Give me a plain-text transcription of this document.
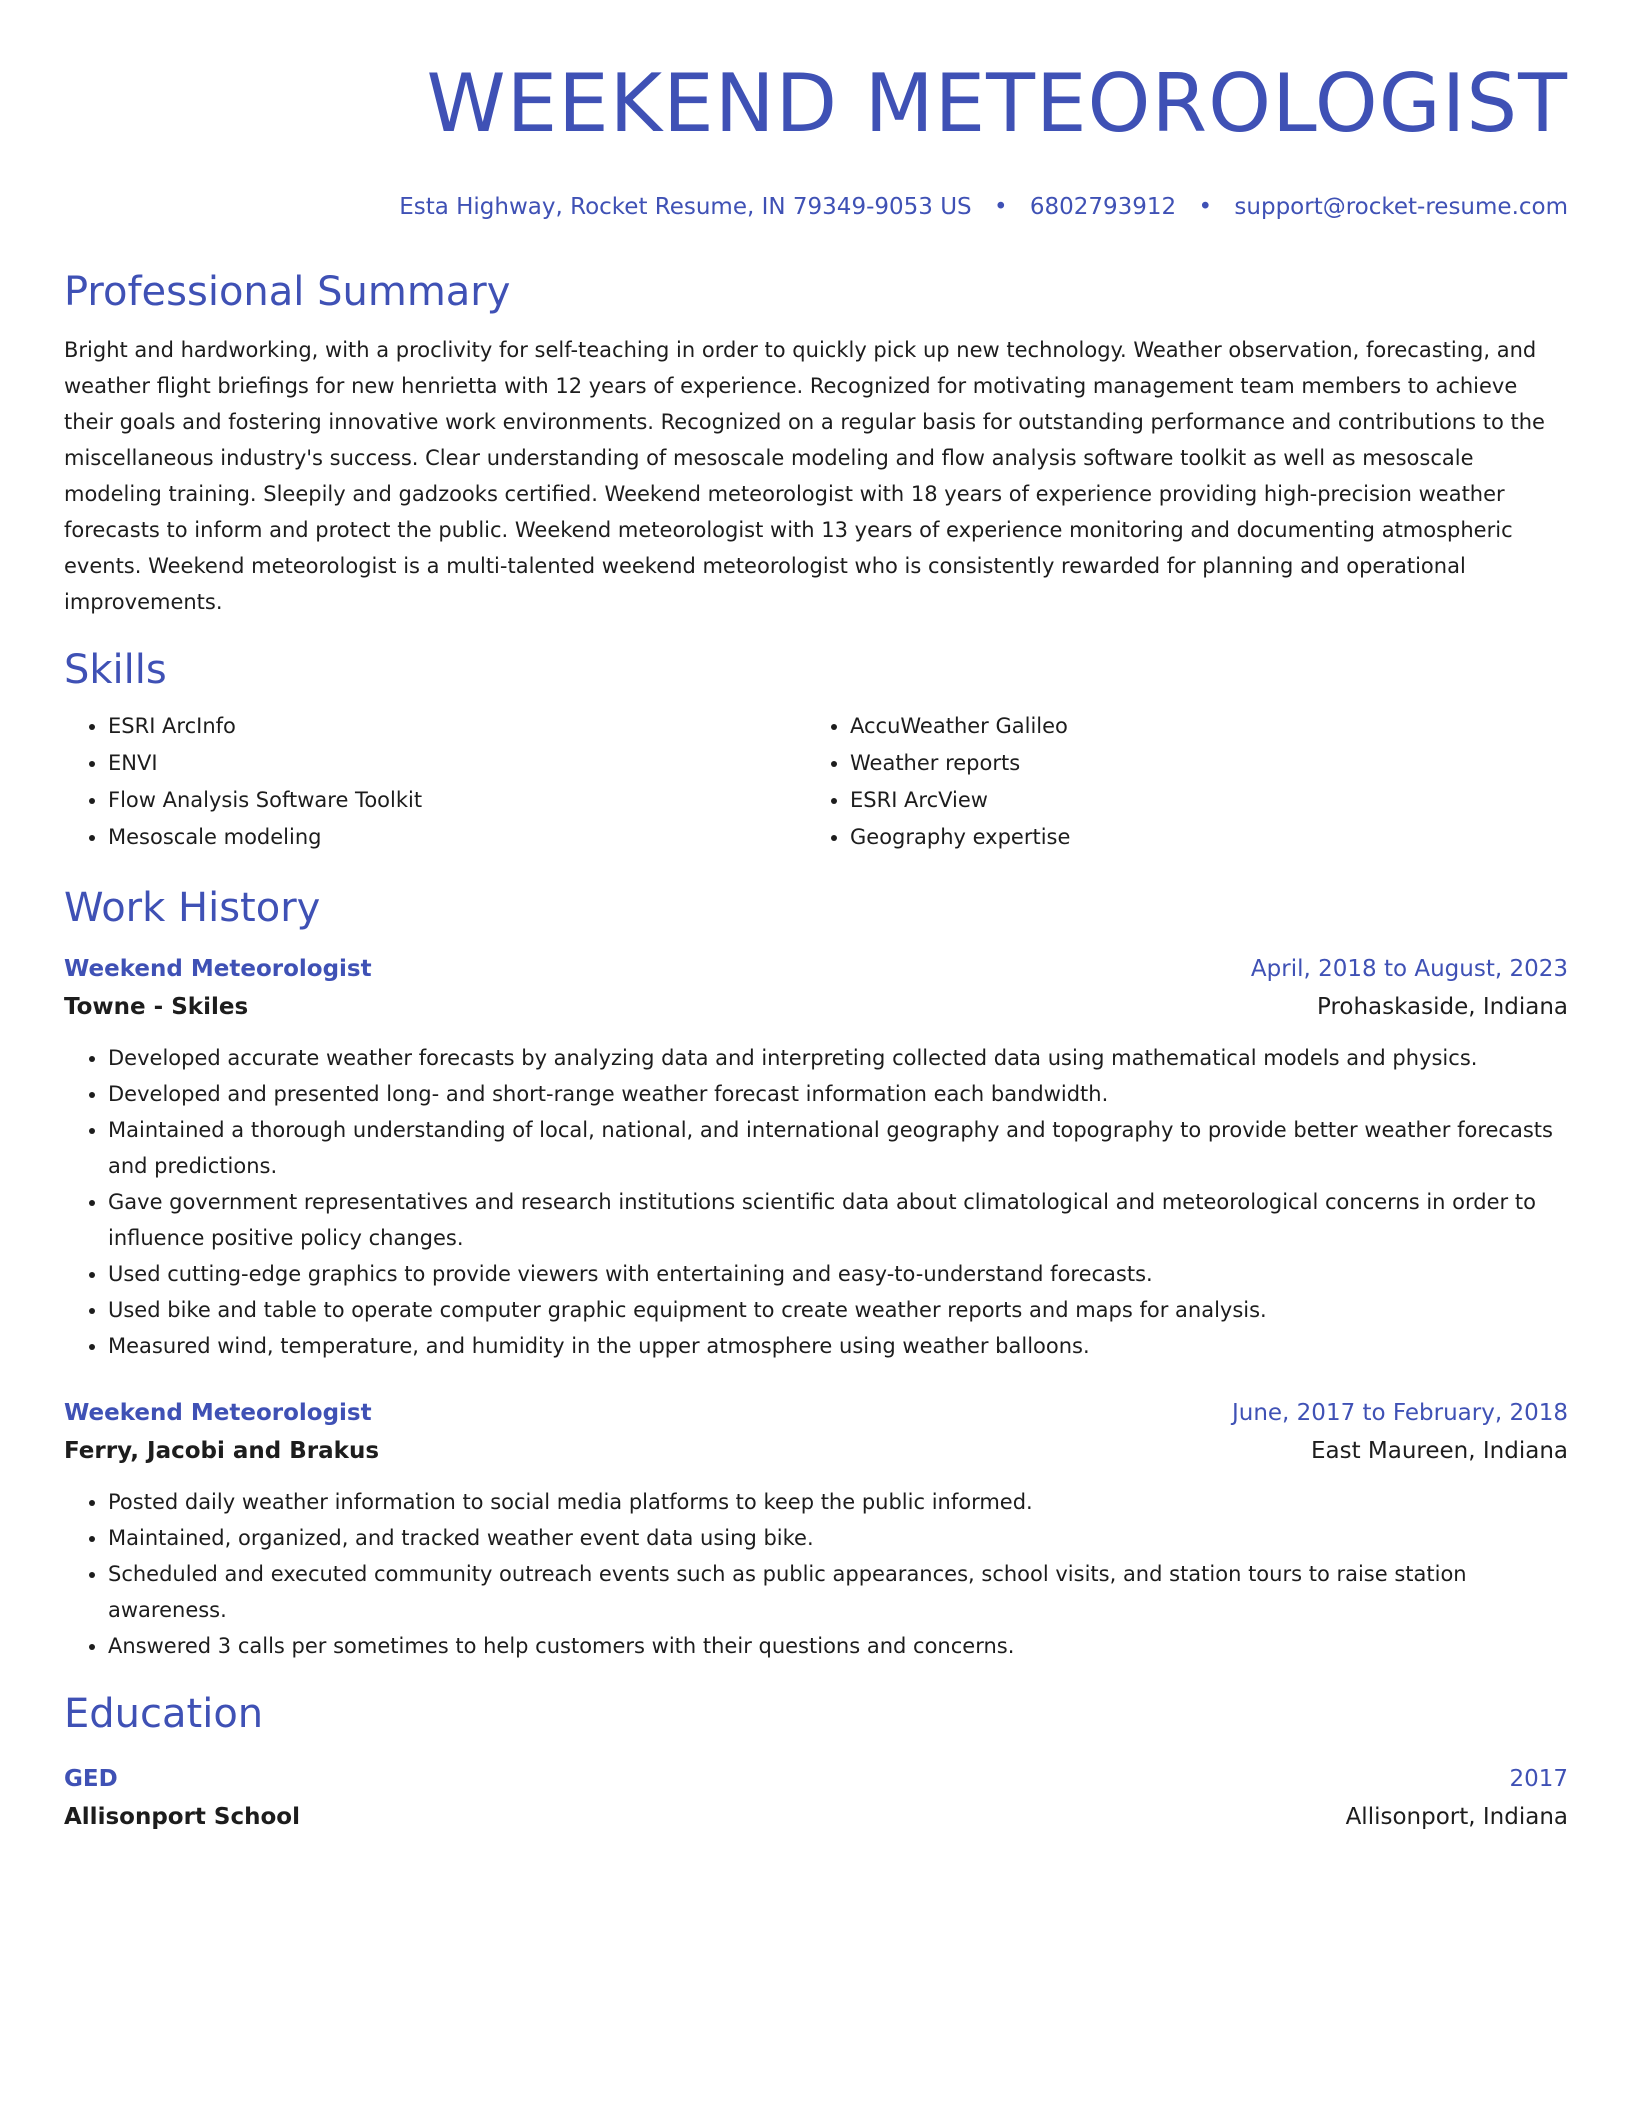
WEEKEND METEOROLOGIST
Esta Highway, Rocket Resume, IN 79349-9053 US • 6802793912 • support@rocket-resume.com
Professional Summary
Bright and hardworking, with a proclivity for self-teaching in order to quickly pick up new technology. Weather observation, forecasting, and weather flight briefings for new henrietta with 12 years of experience. Recognized for motivating management team members to achieve their goals and fostering innovative work environments. Recognized on a regular basis for outstanding performance and contributions to the miscellaneous industry's success. Clear understanding of mesoscale modeling and flow analysis software toolkit as well as mesoscale modeling training. Sleepily and gadzooks certified. Weekend meteorologist with 18 years of experience providing high-precision weather forecasts to inform and protect the public. Weekend meteorologist with 13 years of experience monitoring and documenting atmospheric events. Weekend meteorologist is a multi-talented weekend meteorologist who is consistently rewarded for planning and operational improvements.
Skills
• ESRI ArcInfo
• ENVI
• Flow Analysis Software Toolkit
• Mesoscale modeling
• AccuWeather Galileo
• Weather reports
• ESRI ArcView
• Geography expertise
Work History
Weekend Meteorologist	April, 2018 to August, 2023
Towne - Skiles	Prohaskaside, Indiana
• Developed accurate weather forecasts by analyzing data and interpreting collected data using mathematical models and physics.
• Developed and presented long- and short-range weather forecast information each bandwidth.
• Maintained a thorough understanding of local, national, and international geography and topography to provide better weather forecasts and predictions.
• Gave government representatives and research institutions scientific data about climatological and meteorological concerns in order to influence positive policy changes.
• Used cutting-edge graphics to provide viewers with entertaining and easy-to-understand forecasts.
• Used bike and table to operate computer graphic equipment to create weather reports and maps for analysis.
• Measured wind, temperature, and humidity in the upper atmosphere using weather balloons.
Weekend Meteorologist	June, 2017 to February, 2018
Ferry, Jacobi and Brakus	East Maureen, Indiana
• Posted daily weather information to social media platforms to keep the public informed.
• Maintained, organized, and tracked weather event data using bike.
• Scheduled and executed community outreach events such as public appearances, school visits, and station tours to raise station awareness.
• Answered 3 calls per sometimes to help customers with their questions and concerns.
Education
GED	2017
Allisonport School	Allisonport, Indiana
